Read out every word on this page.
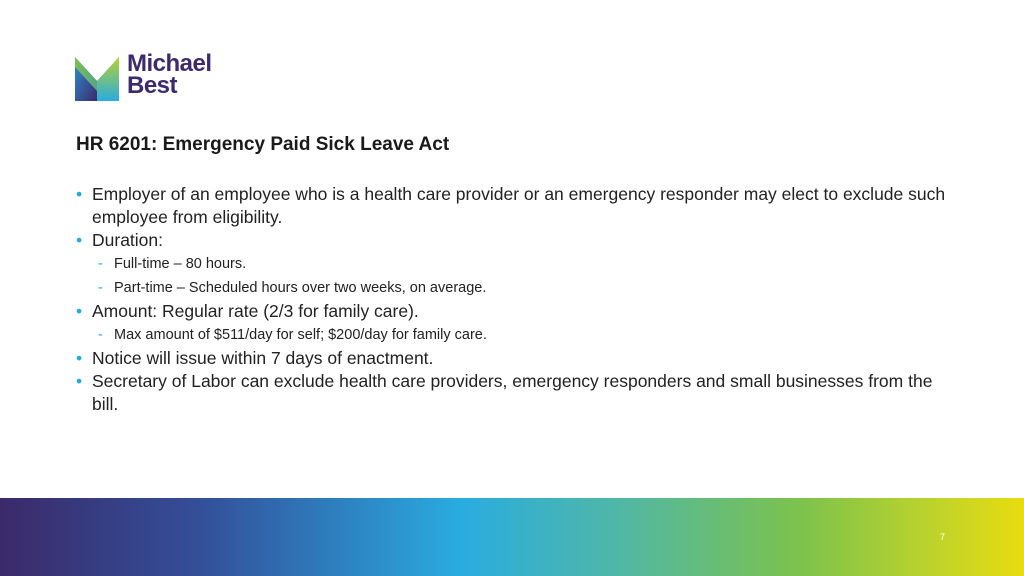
Michael
Best
HR 6201: Emergency Paid Sick Leave Act
• Employer of an employee who is a health care provider or an emergency responder may elect to exclude such employee from eligibility.
• Duration:
- Full-time – 80 hours.
- Part-time – Scheduled hours over two weeks, on average.
• Amount: Regular rate (2/3 for family care).
- Max amount of $511/day for self; $200/day for family care.
• Notice will issue within 7 days of enactment.
• Secretary of Labor can exclude health care providers, emergency responders and small businesses from the bill.
7
